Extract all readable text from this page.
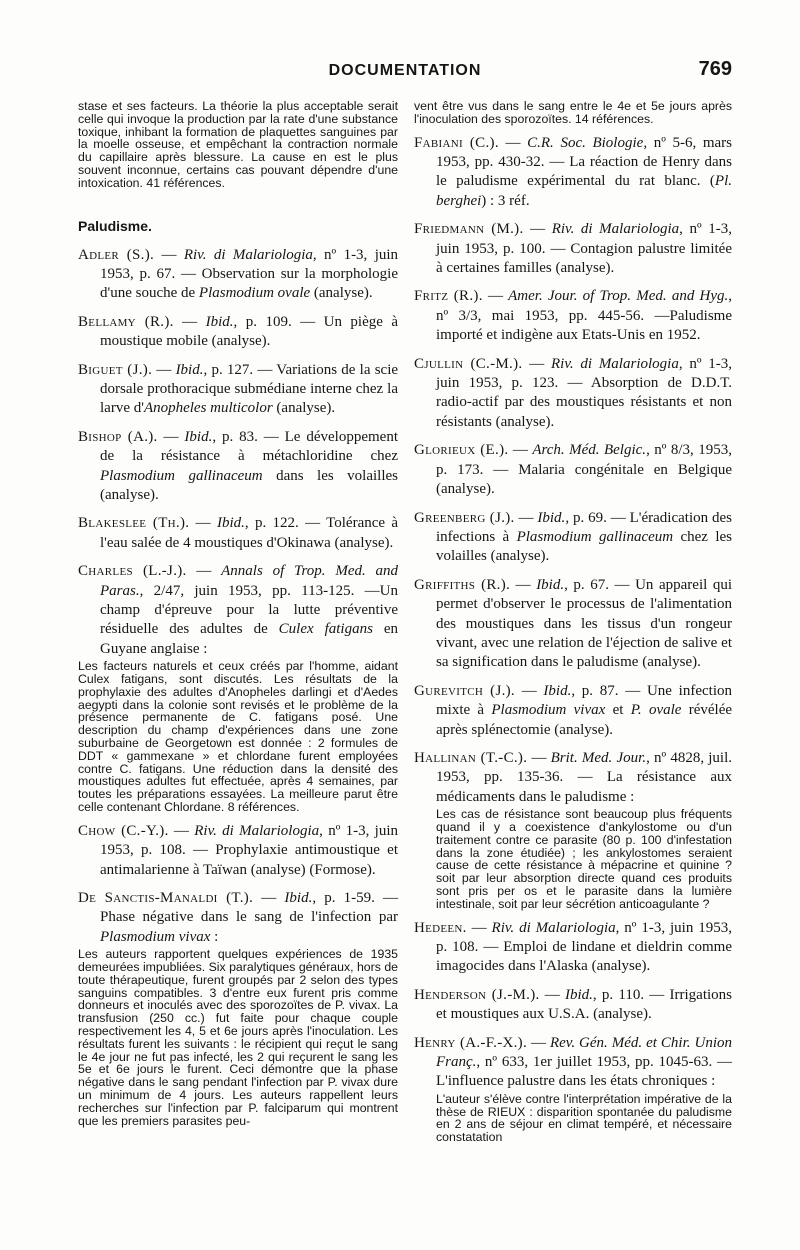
DOCUMENTATION	769

stase et ses facteurs. La théorie la plus acceptable serait celle qui invoque la production par la rate d'une substance toxique, inhibant la formation de plaquettes sanguines par la moelle osseuse, et empêchant la contraction normale du capillaire après blessure. La cause en est le plus souvent inconnue, certains cas pouvant dépendre d'une intoxication. 41 références.

Paludisme.
Adler (S.). — Riv. di Malariologia, nº 1-3, juin 1953, p. 67. — Observation sur la morphologie d'une souche de Plasmodium ovale (analyse).
Bellamy (R.). — Ibid., p. 109. — Un piège à moustique mobile (analyse).
Biguet (J.). — Ibid., p. 127. — Variations de la scie dorsale prothoracique submédiane interne chez la larve d'Anopheles multicolor (analyse).
Bishop (A.). — Ibid., p. 83. — Le développement de la résistance à métachloridine chez Plasmodium gallinaceum dans les volailles (analyse).
Blakeslee (Th.). — Ibid., p. 122. — Tolérance à l'eau salée de 4 moustiques d'Okinawa (analyse).
Charles (L.-J.). — Annals of Trop. Med. and Paras., 2/47, juin 1953, pp. 113-125. —Un champ d'épreuve pour la lutte préventive résiduelle des adultes de Culex fatigans en Guyane anglaise :

Les facteurs naturels et ceux créés par l'homme, aidant Culex fatigans, sont discutés. Les résultats de la prophylaxie des adultes d'Anopheles darlingi et d'Aedes aegypti dans la colonie sont revisés et le problème de la présence permanente de C. fatigans posé. Une description du champ d'expériences dans une zone suburbaine de Georgetown est donnée : 2 formules de DDT « gammexane » et chlordane furent employées contre C. fatigans. Une réduction dans la densité des moustiques adultes fut effectuée, après 4 semaines, par toutes les préparations essayées. La meilleure parut être celle contenant Chlordane. 8 références.

Chow (C.-Y.). — Riv. di Malariologia, nº 1-3, juin 1953, p. 108. — Prophylaxie antimoustique et antimalarienne à Taïwan (analyse) (Formose).
De Sanctis-Manaldi (T.). — Ibid., p. 1-59. —Phase négative dans le sang de l'infection par Plasmodium vivax :

Les auteurs rapportent quelques expériences de 1935 demeurées impubliées. Six paralytiques généraux, hors de toute thérapeutique, furent groupés par 2 selon des types sanguins compatibles. 3 d'entre eux furent pris comme donneurs et inoculés avec des sporozoïtes de P. vivax. La transfusion (250 cc.) fut faite pour chaque couple respectivement les 4, 5 et 6e jours après l'inoculation. Les résultats furent les suivants : le récipient qui reçut le sang le 4e jour ne fut pas infecté, les 2 qui reçurent le sang les 5e et 6e jours le furent. Ceci démontre que la phase négative dans le sang pendant l'infection par P. vivax dure un minimum de 4 jours. Les auteurs rappellent leurs recherches sur l'infection par P. falciparum qui montrent que les premiers parasites peu-

vent être vus dans le sang entre le 4e et 5e jours après l'inoculation des sporozoïtes. 14 références.

Fabiani (C.). — C.R. Soc. Biologie, nº 5-6, mars 1953, pp. 430-32. — La réaction de Henry dans le paludisme expérimental du rat blanc. (Pl. berghei) : 3 réf.
Friedmann (M.). — Riv. di Malariologia, nº 1-3, juin 1953, p. 100. — Contagion palustre limitée à certaines familles (analyse).
Fritz (R.). — Amer. Jour. of Trop. Med. and Hyg., nº 3/3, mai 1953, pp. 445-56. —Paludisme importé et indigène aux Etats-Unis en 1952.
Cjullin (C.-M.). — Riv. di Malariologia, nº 1-3, juin 1953, p. 123. — Absorption de D.D.T. radio-actif par des moustiques résistants et non résistants (analyse).
Glorieux (E.). — Arch. Méd. Belgic., nº 8/3, 1953, p. 173. — Malaria congénitale en Belgique (analyse).
Greenberg (J.). — Ibid., p. 69. — L'éradication des infections à Plasmodium gallinaceum chez les volailles (analyse).
Griffiths (R.). — Ibid., p. 67. — Un appareil qui permet d'observer le processus de l'alimentation des moustiques dans les tissus d'un rongeur vivant, avec une relation de l'éjection de salive et sa signification dans le paludisme (analyse).
Gurevitch (J.). — Ibid., p. 87. — Une infection mixte à Plasmodium vivax et P. ovale révélée après splénectomie (analyse).
Hallinan (T.-C.). — Brit. Med. Jour., nº 4828, juil. 1953, pp. 135-36. — La résistance aux médicaments dans le paludisme :

Les cas de résistance sont beaucoup plus fréquents quand il y a coexistence d'ankylostome ou d'un traitement contre ce parasite (80 p. 100 d'infestation dans la zone étudiée) ; les ankylostomes seraient cause de cette résistance à mépacrine et quinine ? soit par leur absorption directe quand ces produits sont pris per os et le parasite dans la lumière intestinale, soit par leur sécrétion anticoagulante ?

Hedeen. — Riv. di Malariologia, nº 1-3, juin 1953, p. 108. — Emploi de lindane et dieldrin comme imagocides dans l'Alaska (analyse).
Henderson (J.-M.). — Ibid., p. 110. — Irrigations et moustiques aux U.S.A. (analyse).
Henry (A.-F.-X.). — Rev. Gén. Méd. et Chir. Union Franç., nº 633, 1er juillet 1953, pp. 1045-63. — L'influence palustre dans les états chroniques :

L'auteur s'élève contre l'interprétation impérative de la thèse de RIEUX : disparition spontanée du paludisme en 2 ans de séjour en climat tempéré, et nécessaire constatation
